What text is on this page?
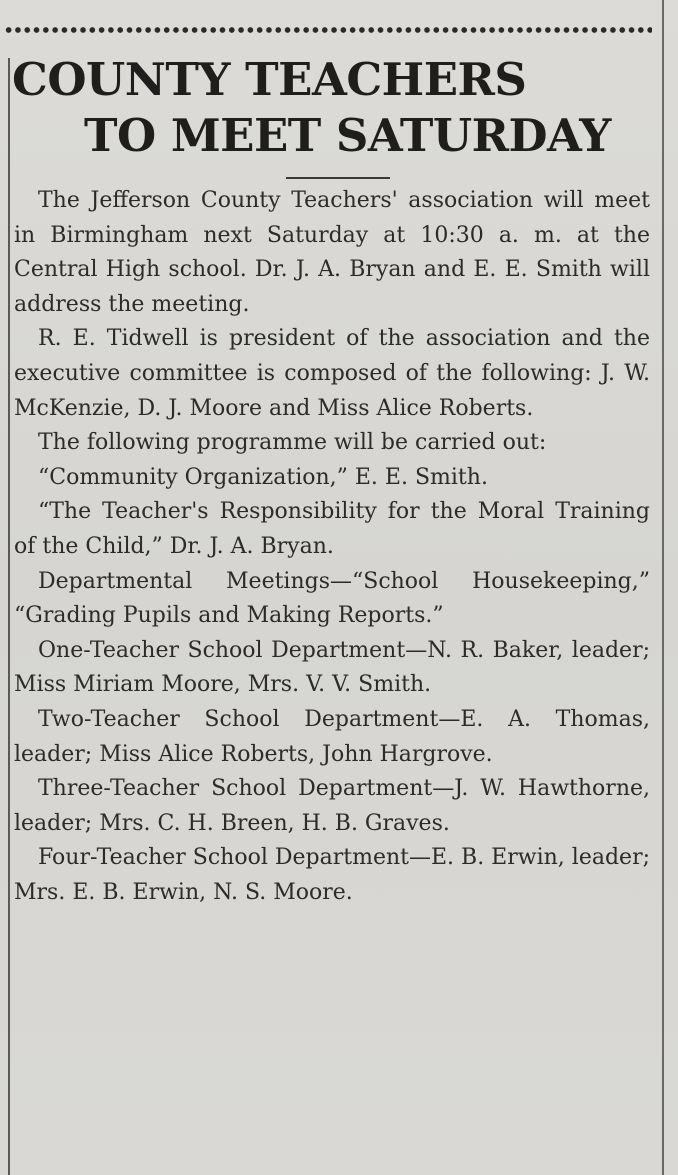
COUNTY TEACHERS
TO MEET SATURDAY

The Jefferson County Teachers' association will meet in Birmingham next Saturday at 10:30 a. m. at the Central High school. Dr. J. A. Bryan and E. E. Smith will address the meeting.

R. E. Tidwell is president of the association and the executive committee is composed of the following: J. W. McKenzie, D. J. Moore and Miss Alice Roberts.

The following programme will be carried out:

“Community Organization,” E. E. Smith.

“The Teacher's Responsibility for the Moral Training of the Child,” Dr. J. A. Bryan.

Departmental Meetings—“School Housekeeping,” “Grading Pupils and Making Reports.”

One-Teacher School Department—N. R. Baker, leader; Miss Miriam Moore, Mrs. V. V. Smith.

Two-Teacher School Department—E. A. Thomas, leader; Miss Alice Roberts, John Hargrove.

Three-Teacher School Department—J. W. Hawthorne, leader; Mrs. C. H. Breen, H. B. Graves.

Four-Teacher School Department—E. B. Erwin, leader; Mrs. E. B. Erwin, N. S. Moore.
